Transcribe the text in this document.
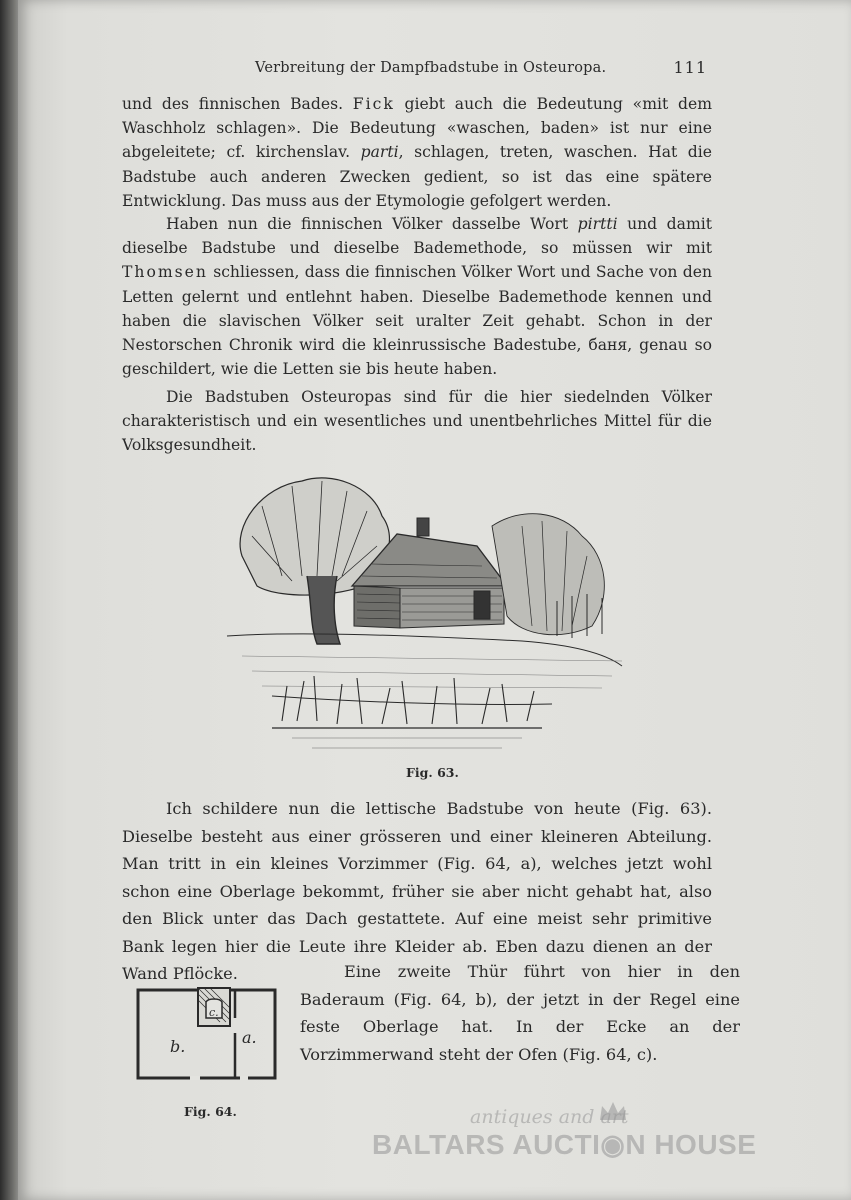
Verbreitung der Dampfbadstube in Osteuropa.	111

und des finnischen Bades. Fick giebt auch die Bedeutung «mit dem Waschholz schlagen». Die Bedeutung «waschen, baden» ist nur eine abgeleitete; cf. kirchenslav. parti, schlagen, treten, waschen. Hat die Badstube auch anderen Zwecken gedient, so ist das eine spätere Entwicklung. Das muss aus der Etymologie gefolgert werden.

Haben nun die finnischen Völker dasselbe Wort pirtti und damit dieselbe Badstube und dieselbe Bademethode, so müssen wir mit Thomsen schliessen, dass die finnischen Völker Wort und Sache von den Letten gelernt und entlehnt haben. Dieselbe Bademethode kennen und haben die slavischen Völker seit uralter Zeit gehabt. Schon in der Nestorschen Chronik wird die kleinrussische Badestube, баня, genau so geschildert, wie die Letten sie bis heute haben.

Die Badstuben Osteuropas sind für die hier siedelnden Völker charakteristisch und ein wesentliches und unentbehrliches Mittel für die Volksgesundheit.

Fig. 63.

Ich schildere nun die lettische Badstube von heute (Fig. 63). Dieselbe besteht aus einer grösseren und einer kleineren Abteilung. Man tritt in ein kleines Vorzimmer (Fig. 64, a), welches jetzt wohl schon eine Oberlage bekommt, früher sie aber nicht gehabt hat, also den Blick unter das Dach gestattete. Auf eine meist sehr primitive Bank legen hier die Leute ihre Kleider ab. Eben dazu dienen an der Wand Pflöcke.

b.
c.
a.
Fig. 64.

Eine zweite Thür führt von hier in den Baderaum (Fig. 64, b), der jetzt in der Regel eine feste Oberlage hat. In der Ecke an der Vorzimmerwand steht der Ofen (Fig. 64, c).

antiques and art
BALTARS AUCTI◉N HOUSE
